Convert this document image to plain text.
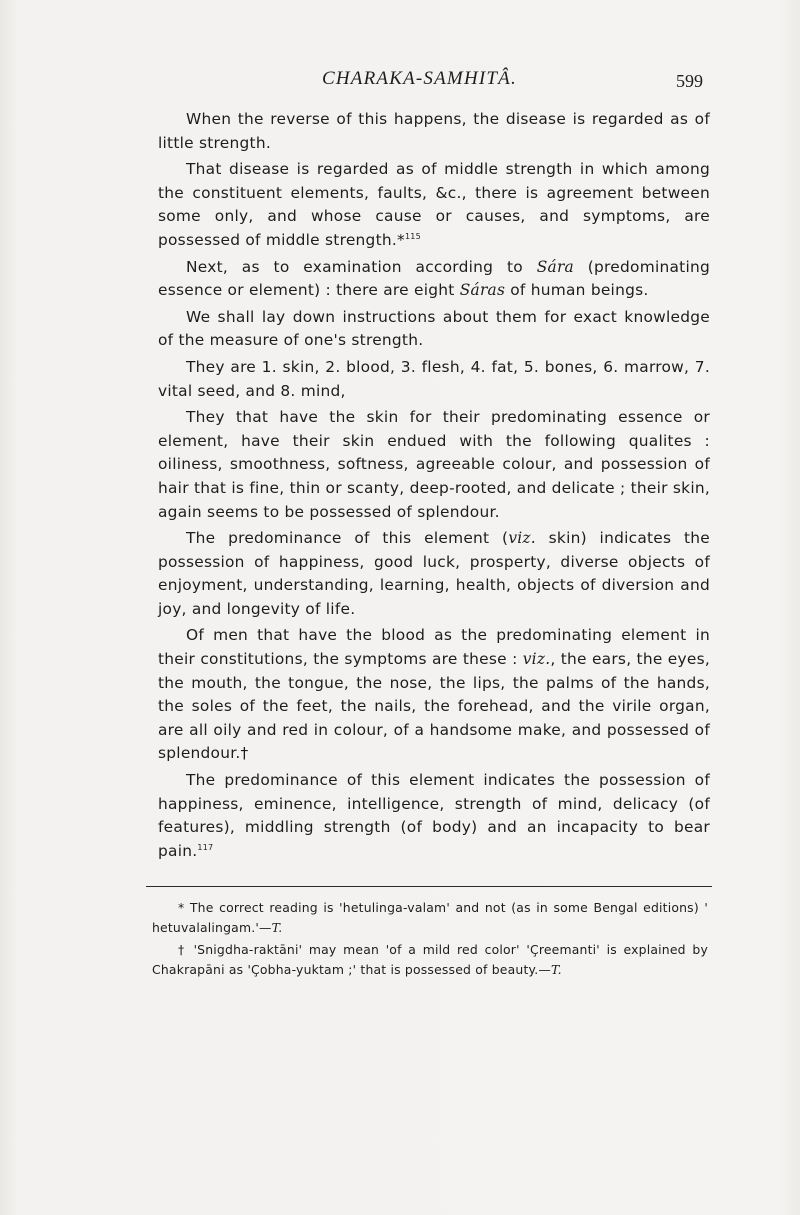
CHARAKA-SAMHITÂ.	599

When the reverse of this happens, the disease is regarded as of little strength.

That disease is regarded as of middle strength in which among the constituent elements, faults, &c., there is agreement between some only, and whose cause or causes, and symptoms, are possessed of middle strength.*$^{115}$

Next, as to examination according to Sára (predominating essence or element) : there are eight Sáras of human beings.

We shall lay down instructions about them for exact knowledge of the measure of one's strength.

They are 1. skin, 2. blood, 3. flesh, 4. fat, 5. bones, 6. marrow, 7. vital seed, and 8. mind,

They that have the skin for their predominating essence or element, have their skin endued with the following qualites : oiliness, smoothness, softness, agreeable colour, and possession of hair that is fine, thin or scanty, deep-rooted, and delicate ; their skin, again seems to be possessed of splendour.

The predominance of this element (viz. skin) indicates the possession of happiness, good luck, prosperty, diverse objects of enjoyment, understanding, learning, health, objects of diversion and joy, and longevity of life.

Of men that have the blood as the predominating element in their constitutions, the symptoms are these : viz., the ears, the eyes, the mouth, the tongue, the nose, the lips, the palms of the hands, the soles of the feet, the nails, the forehead, and the virile organ, are all oily and red in colour, of a handsome make, and possessed of splendour.†

The predominance of this element indicates the possession of happiness, eminence, intelligence, strength of mind, delicacy (of features), middling strength (of body) and an incapacity to bear pain.$^{117}$

* The correct reading is 'hetulinga-valam' and not (as in some Bengal editions) ' hetuvalalingam.'—T.

† 'Snigdha-raktāni' may mean 'of a mild red color' 'Çreemanti' is explained by Chakrapāni as 'Çobha-yuktam ;' that is possessed of beauty.—T.
